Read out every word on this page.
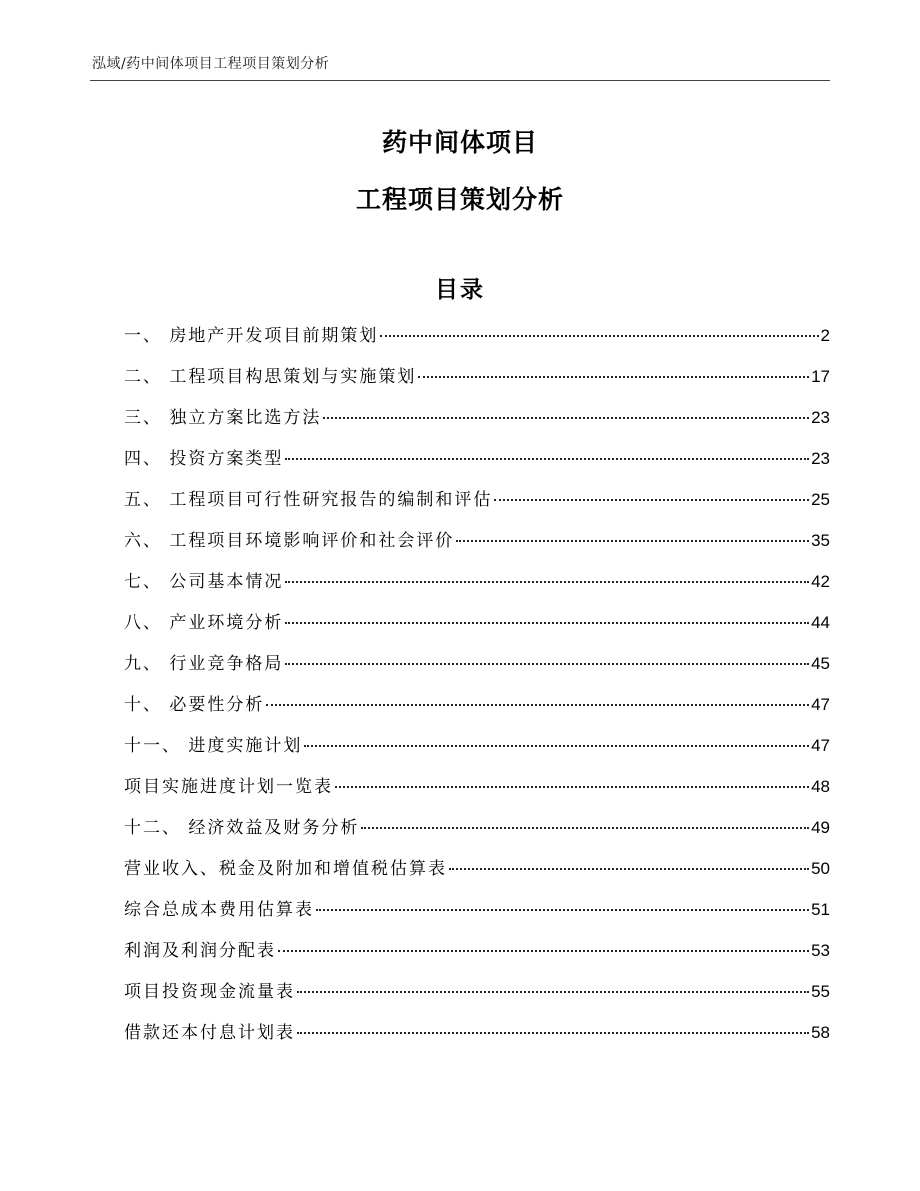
泓域/药中间体项目工程项目策划分析
药中间体项目
工程项目策划分析
目录
一、 房地产开发项目前期策划	2
二、 工程项目构思策划与实施策划	17
三、 独立方案比选方法	23
四、 投资方案类型	23
五、 工程项目可行性研究报告的编制和评估	25
六、 工程项目环境影响评价和社会评价	35
七、 公司基本情况	42
八、 产业环境分析	44
九、 行业竞争格局	45
十、 必要性分析	47
十一、 进度实施计划	47
项目实施进度计划一览表	48
十二、 经济效益及财务分析	49
营业收入、税金及附加和增值税估算表	50
综合总成本费用估算表	51
利润及利润分配表	53
项目投资现金流量表	55
借款还本付息计划表	58
